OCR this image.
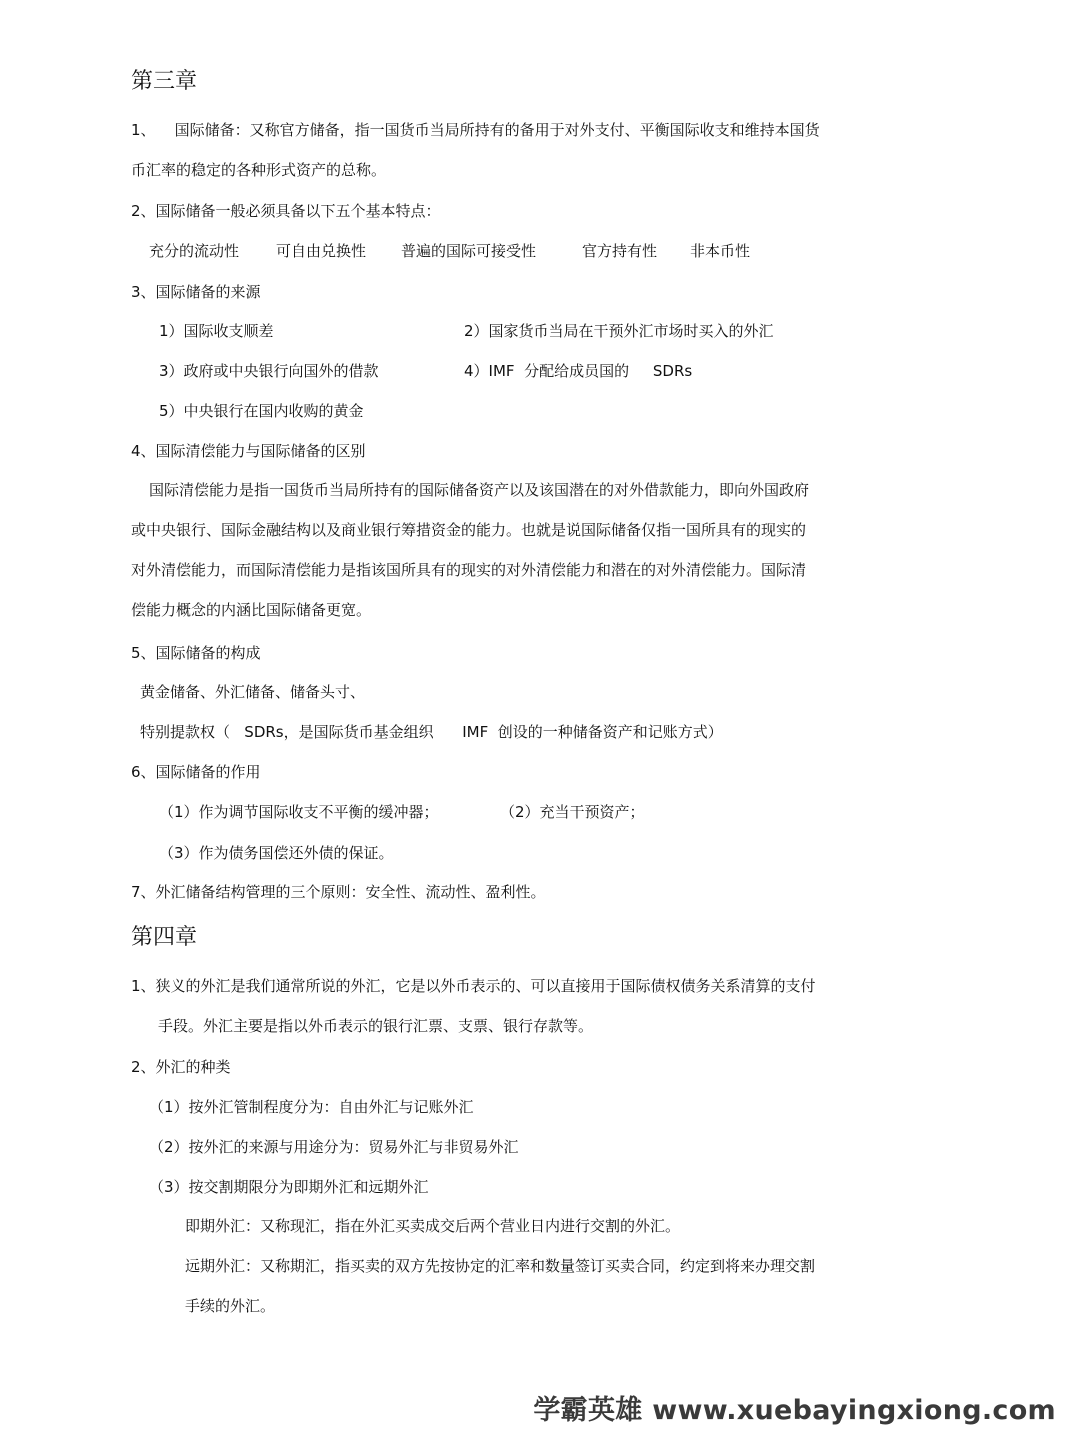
第三章

1、    国际储备：又称官方储备，指一国货币当局所持有的备用于对外支付、平衡国际收支和维持本国货

币汇率的稳定的各种形式资产的总称。

2、国际储备一般必须具备以下五个基本特点：

充分的流动性 可自由兑换性 普遍的国际可接受性	官方持有性 非本币性

3、国际储备的来源

1）国际收支顺差	2）国家货币当局在干预外汇市场时买入的外汇

3）政府或中央银行向国外的借款	4）IMF  分配给成员国的     SDRs

5）中央银行在国内收购的黄金

4、国际清偿能力与国际储备的区别

国际清偿能力是指一国货币当局所持有的国际储备资产以及该国潜在的对外借款能力，即向外国政府

或中央银行、国际金融结构以及商业银行筹措资金的能力。也就是说国际储备仅指一国所具有的现实的

对外清偿能力，而国际清偿能力是指该国所具有的现实的对外清偿能力和潜在的对外清偿能力。国际清

偿能力概念的内涵比国际储备更宽。

5、国际储备的构成

黄金储备、外汇储备、储备头寸、

特别提款权（   SDRs，是国际货币基金组织      IMF  创设的一种储备资产和记账方式）

6、国际储备的作用

（1）作为调节国际收支不平衡的缓冲器；	（2）充当干预资产；

（3）作为债务国偿还外债的保证。

7、外汇储备结构管理的三个原则：安全性、流动性、盈利性。

第四章

1、狭义的外汇是我们通常所说的外汇，它是以外币表示的、可以直接用于国际债权债务关系清算的支付

手段。外汇主要是指以外币表示的银行汇票、支票、银行存款等。

2、外汇的种类

（1）按外汇管制程度分为：自由外汇与记账外汇

（2）按外汇的来源与用途分为：贸易外汇与非贸易外汇

（3）按交割期限分为即期外汇和远期外汇

即期外汇：又称现汇，指在外汇买卖成交后两个营业日内进行交割的外汇。

远期外汇：又称期汇，指买卖的双方先按协定的汇率和数量签订买卖合同，约定到将来办理交割

手续的外汇。

学霸英雄 www.xuebayingxiong.com
